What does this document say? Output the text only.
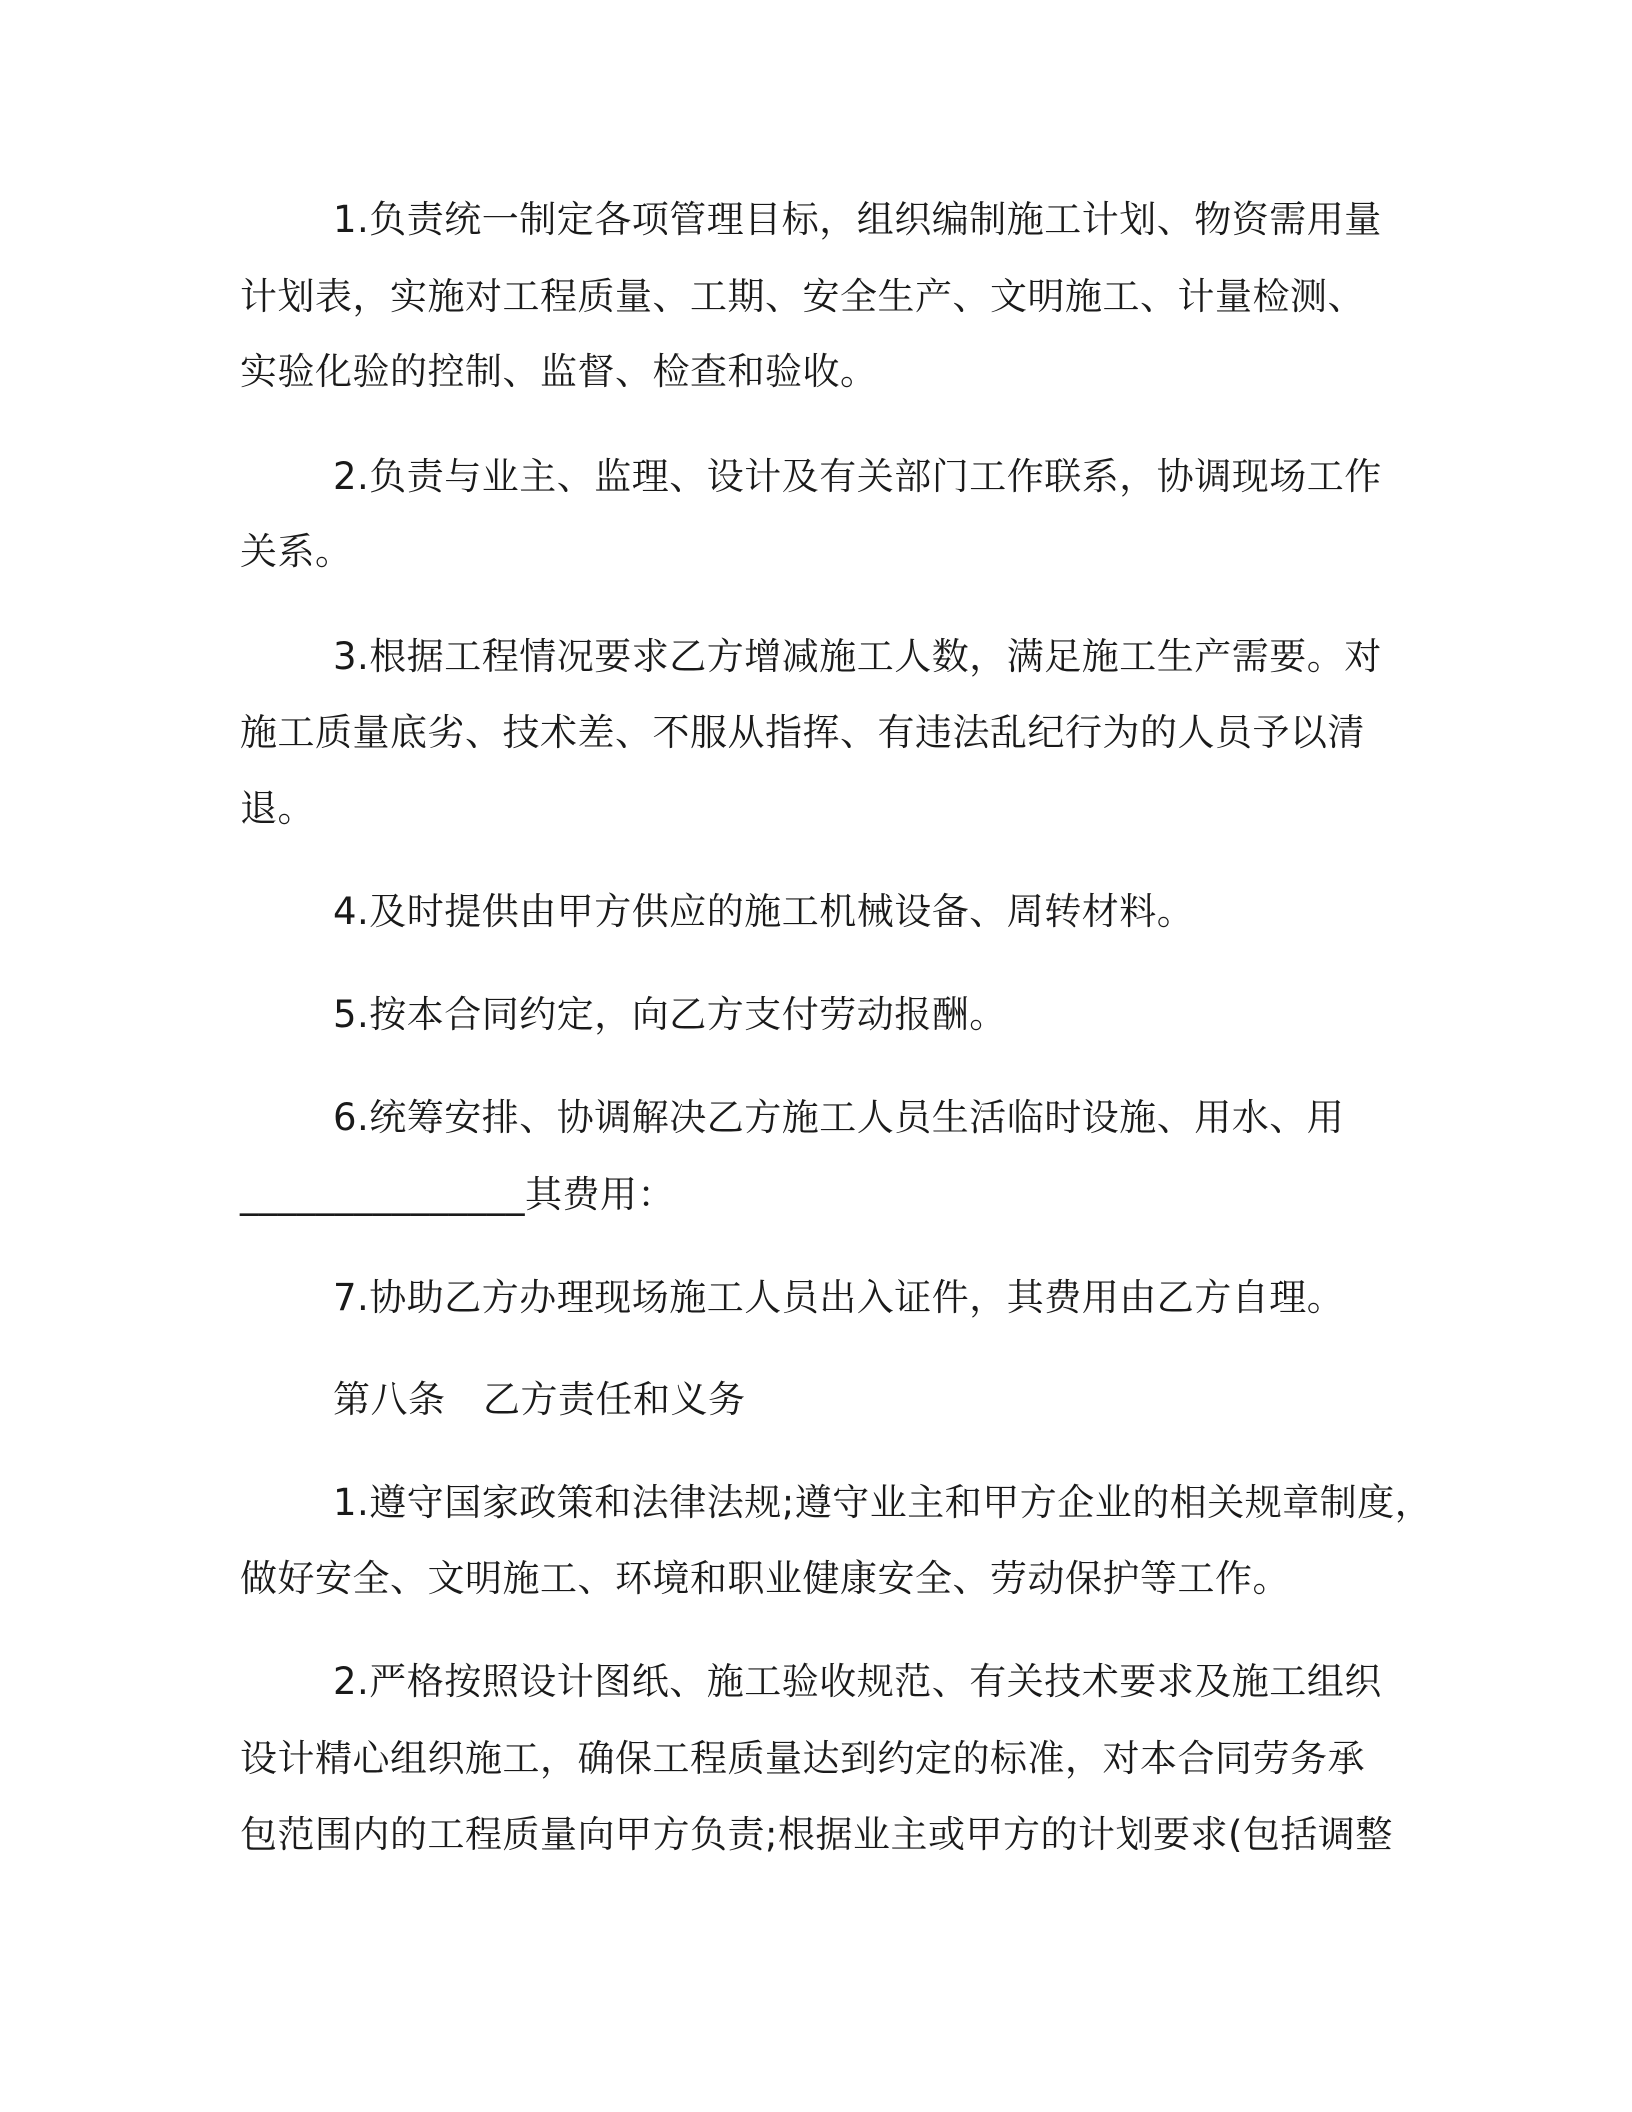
1.负责统一制定各项管理目标，组织编制施工计划、物资需用量
计划表，实施对工程质量、工期、安全生产、文明施工、计量检测、
实验化验的控制、监督、检查和验收。
2.负责与业主、监理、设计及有关部门工作联系，协调现场工作
关系。
3.根据工程情况要求乙方增减施工人数，满足施工生产需要。对
施工质量底劣、技术差、不服从指挥、有违法乱纪行为的人员予以清
退。
4.及时提供由甲方供应的施工机械设备、周转材料。
5.按本合同约定，向乙方支付劳动报酬。
6.统筹安排、协调解决乙方施工人员生活临时设施、用水、用
_______________其费用：
7.协助乙方办理现场施工人员出入证件，其费用由乙方自理。
第八条　乙方责任和义务
1.遵守国家政策和法律法规;遵守业主和甲方企业的相关规章制度，
做好安全、文明施工、环境和职业健康安全、劳动保护等工作。
2.严格按照设计图纸、施工验收规范、有关技术要求及施工组织
设计精心组织施工，确保工程质量达到约定的标准，对本合同劳务承
包范围内的工程质量向甲方负责;根据业主或甲方的计划要求(包括调整
